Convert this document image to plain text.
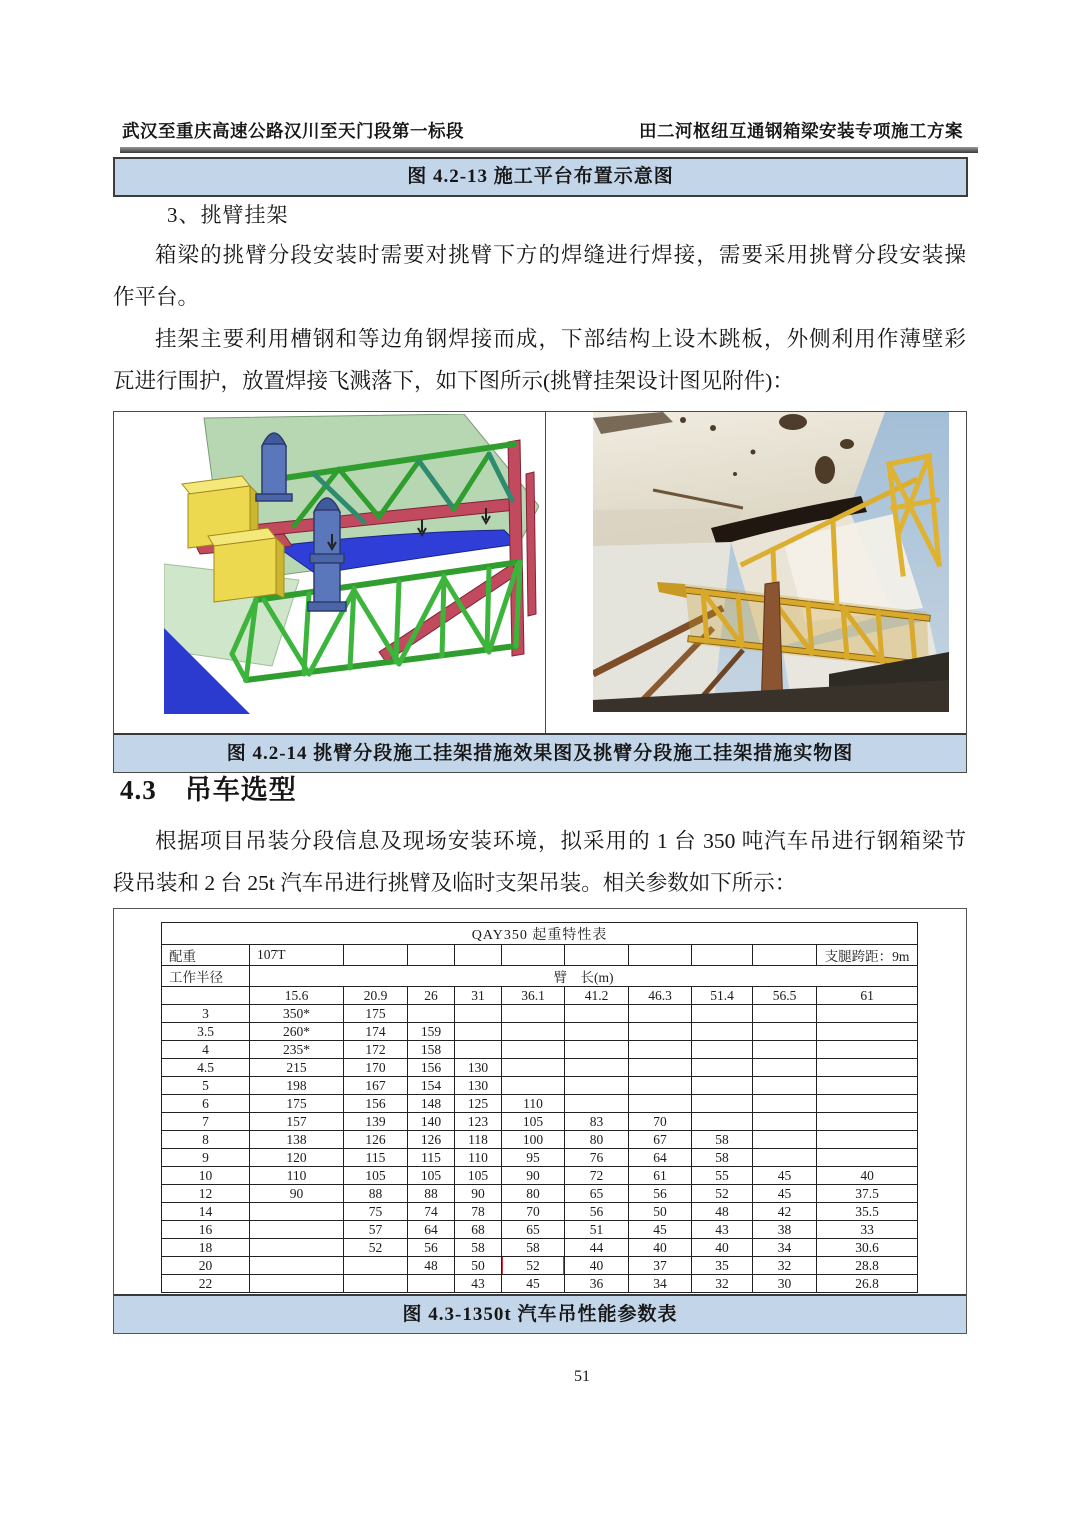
武汉至重庆高速公路汉川至天门段第一标段	田二河枢纽互通钢箱梁安装专项施工方案
图 4.2-13 施工平台布置示意图
3、挑臂挂架
箱梁的挑臂分段安装时需要对挑臂下方的焊缝进行焊接，需要采用挑臂分段安装操
作平台。
挂架主要利用槽钢和等边角钢焊接而成，下部结构上设木跳板，外侧利用作薄壁彩
瓦进行围护，放置焊接飞溅落下，如下图所示(挑臂挂架设计图见附件)：
图 4.2-14 挑臂分段施工挂架措施效果图及挑臂分段施工挂架措施实物图
4.3　吊车选型
根据项目吊装分段信息及现场安装环境，拟采用的 1 台 350 吨汽车吊进行钢箱梁节
段吊装和 2 台 25t 汽车吊进行挑臂及临时支架吊装。相关参数如下所示：
QAY350 起重特性表										
配重	107T									支腿跨距：9m
工作半径	臂　长(m)									
	15.6	20.9	26	31	36.1	41.2	46.3	51.4	56.5	61
3	350*	175								
3.5	260*	174	159							
4	235*	172	158							
4.5	215	170	156	130						
5	198	167	154	130						
6	175	156	148	125	110					
7	157	139	140	123	105	83	70			
8	138	126	126	118	100	80	67	58		
9	120	115	115	110	95	76	64	58		
10	110	105	105	105	90	72	61	55	45	40
12	90	88	88	90	80	65	56	52	45	37.5
14		75	74	78	70	56	50	48	42	35.5
16		57	64	68	65	51	45	43	38	33
18		52	56	58	58	44	40	40	34	30.6
20			48	50	52	40	37	35	32	28.8
22				43	45	36	34	32	30	26.8
图 4.3-1350t 汽车吊性能参数表
51
